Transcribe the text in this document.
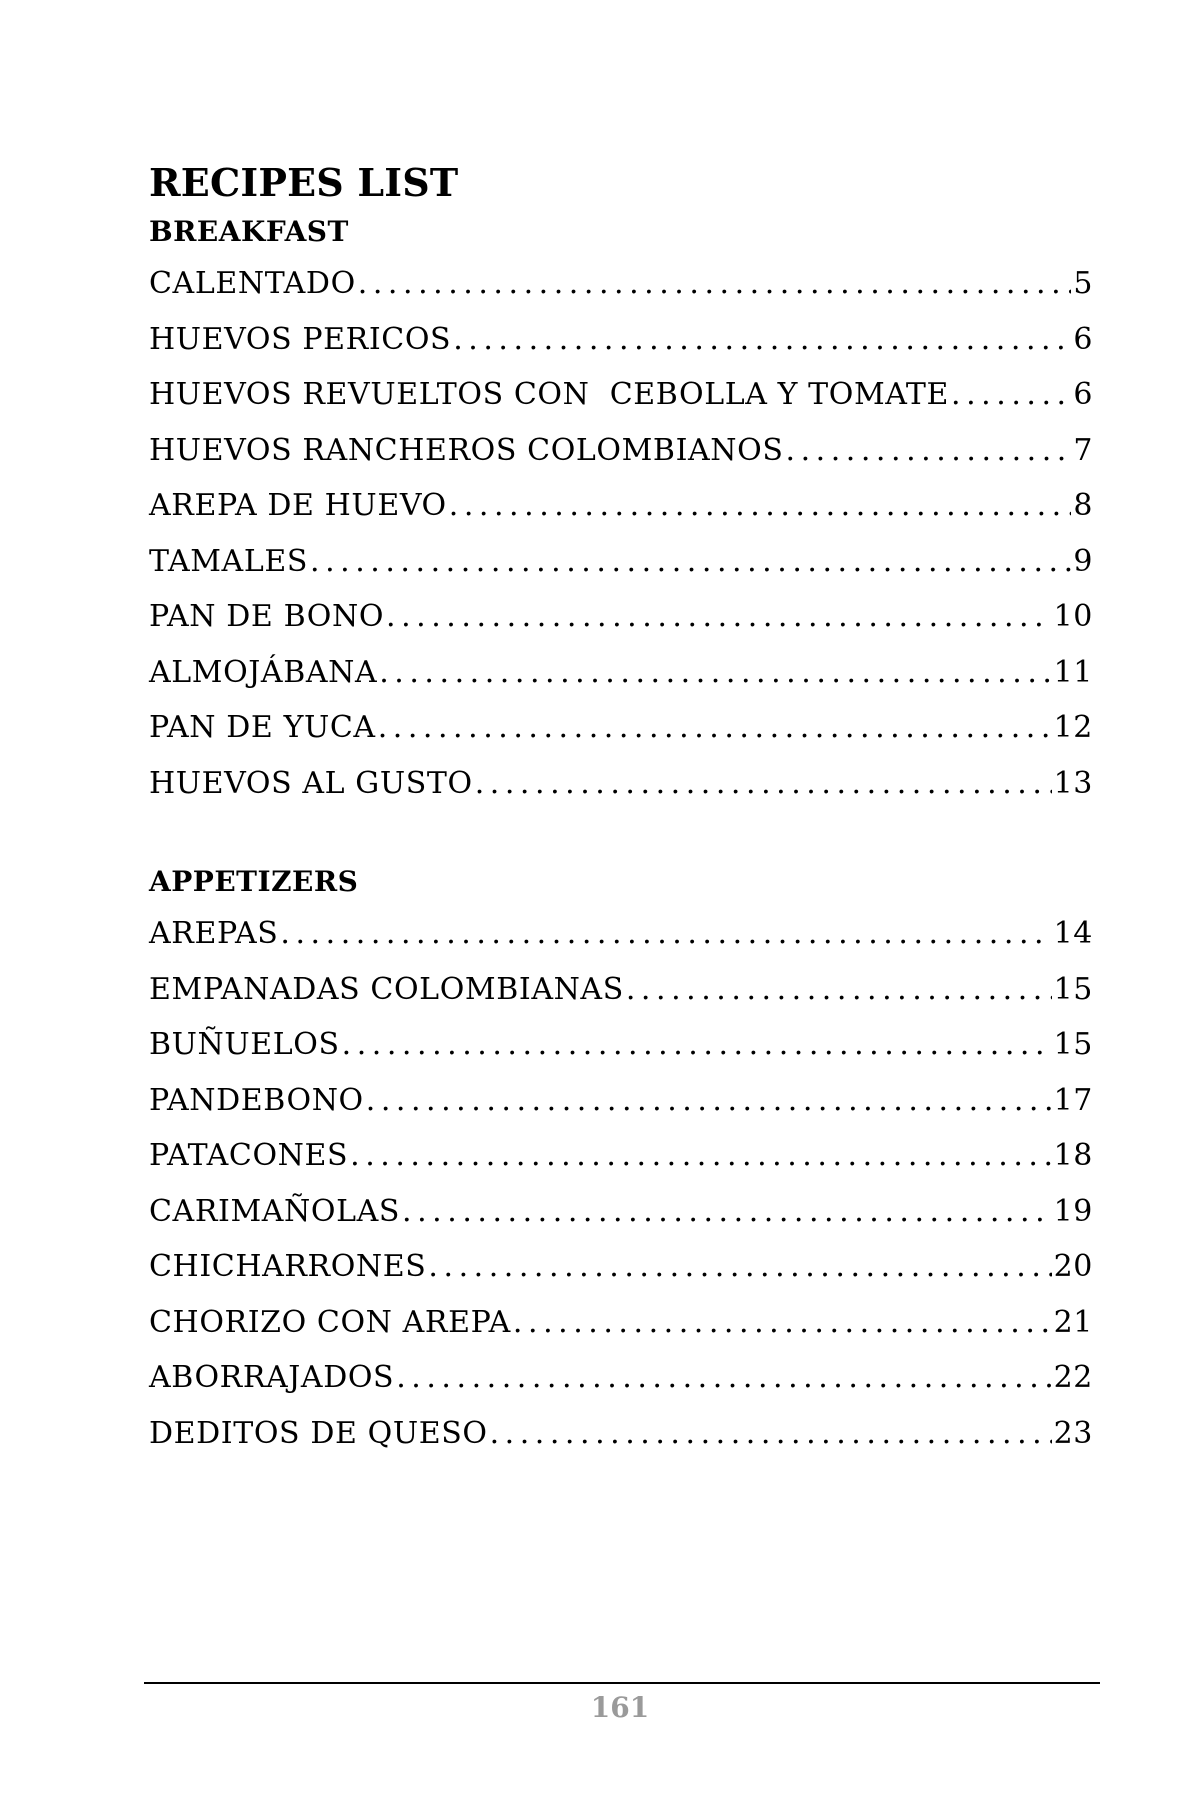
RECIPES LIST
BREAKFAST
CALENTADO . . .	5
HUEVOS PERICOS . . .	6
HUEVOS REVUELTOS CON  CEBOLLA Y TOMATE . . .	6
HUEVOS RANCHEROS COLOMBIANOS . . .	7
AREPA DE HUEVO . . .	8
TAMALES . . .	9
PAN DE BONO . . .	10
ALMOJÁBANA . . .	11
PAN DE YUCA . . .	12
HUEVOS AL GUSTO . . .	13
APPETIZERS
AREPAS . . .	14
EMPANADAS COLOMBIANAS . . .	15
BUÑUELOS . . .	15
PANDEBONO . . .	17
PATACONES . . .	18
CARIMAÑOLAS . . .	19
CHICHARRONES . . .	20
CHORIZO CON AREPA . . .	21
ABORRAJADOS . . .	22
DEDITOS DE QUESO . . .	23
161
